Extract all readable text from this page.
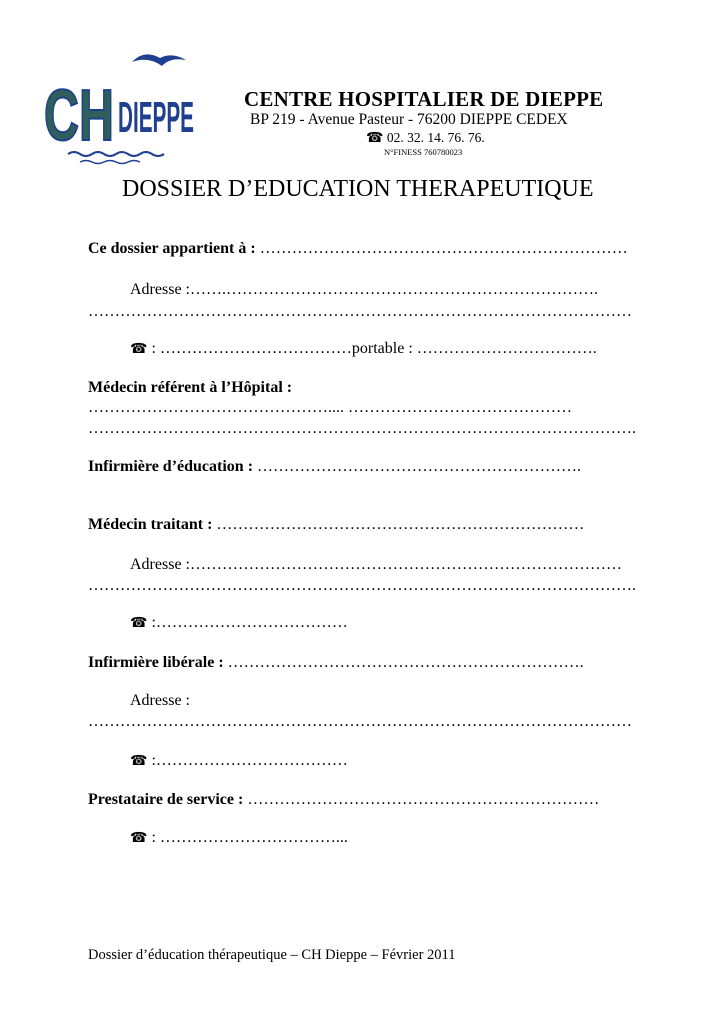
CH DIEPPE CENTRE HOSPITALIER DE DIEPPE
BP 219 - Avenue Pasteur - 76200 DIEPPE CEDEX
☎ 02. 32. 14. 76. 76.
N°FINESS 760780023
DOSSIER D’EDUCATION THERAPEUTIQUE
Ce dossier appartient à : ……………………………………………………………
Adresse :…….…………………………………………………………….
…………………………………………………………………………………………
☎ : ………………………………portable : …………………………….
Médecin référent à l’Hôpital :
……………………………………….... ……………………………………
………………………………………………………………………………………….
Infirmière d’éducation : …………………………………………………….
Médecin traitant : ……………………………………………………………
Adresse :………………………………………………………………………
………………………………………………………………………………………….
☎ :………………………………
Infirmière libérale : ………………………………………………………….
Adresse :
…………………………………………………………………………………………
☎ :………………………………
Prestataire de service : …………………………………………………………
☎ : ……………………………...
Dossier d’éducation thérapeutique – CH Dieppe – Février 2011
